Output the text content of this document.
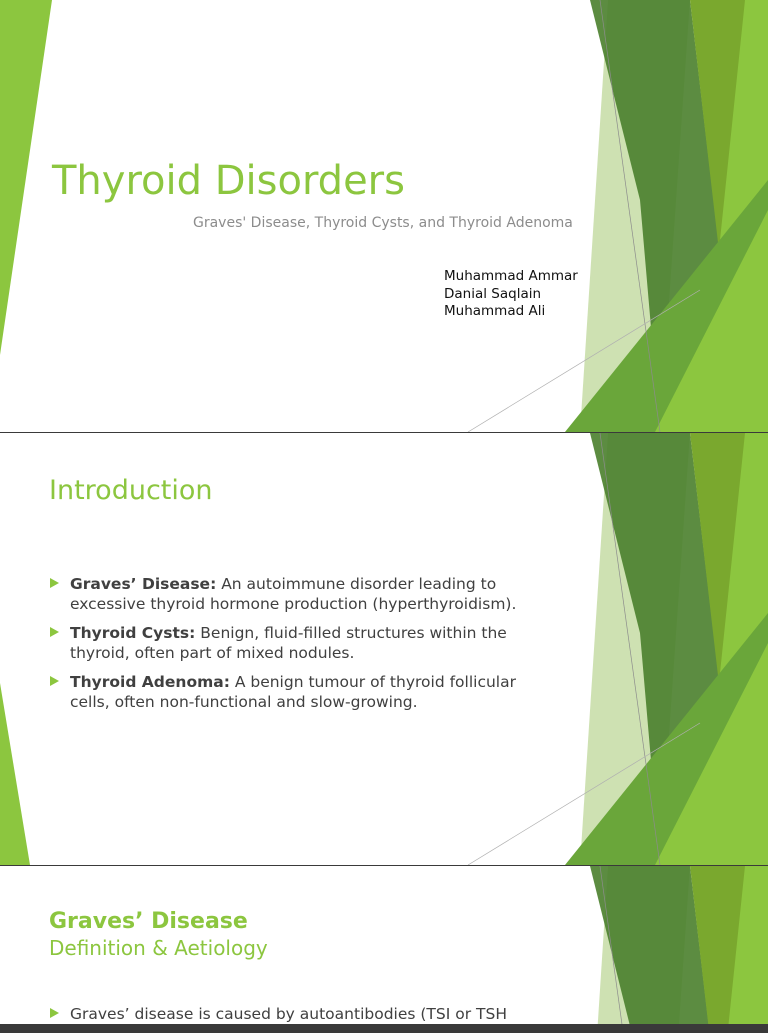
Thyroid Disorders
Graves' Disease, Thyroid Cysts, and Thyroid Adenoma
Muhammad Ammar
Danial Saqlain
Muhammad Ali
Introduction
Graves’ Disease: An autoimmune disorder leading to excessive thyroid hormone production (hyperthyroidism).
Thyroid Cysts: Benign, fluid-filled structures within the thyroid, often part of mixed nodules.
Thyroid Adenoma: A benign tumour of thyroid follicular cells, often non-functional and slow-growing.
Graves’ Disease
Definition & Aetiology
Graves’ disease is caused by autoantibodies (TSI or TSH
